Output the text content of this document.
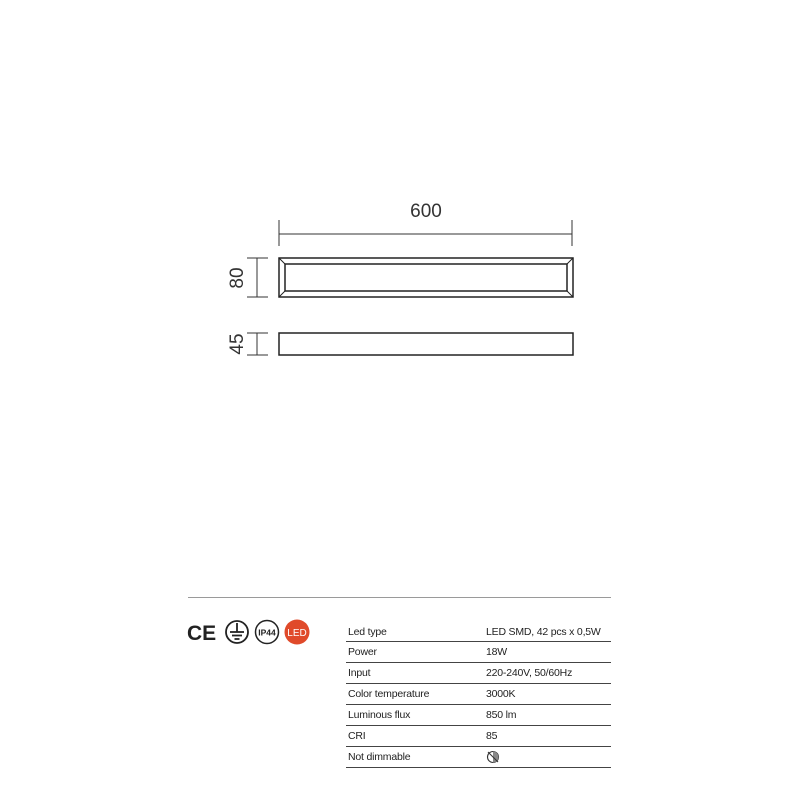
600
80
45
CE	IP44 LED	Led type	LED SMD, 42 pcs x 0,5W
Power	18W
Input	220-240V, 50/60Hz
Color temperature	3000K
Luminous flux	850 lm
CRI	85
Not dimmable	
